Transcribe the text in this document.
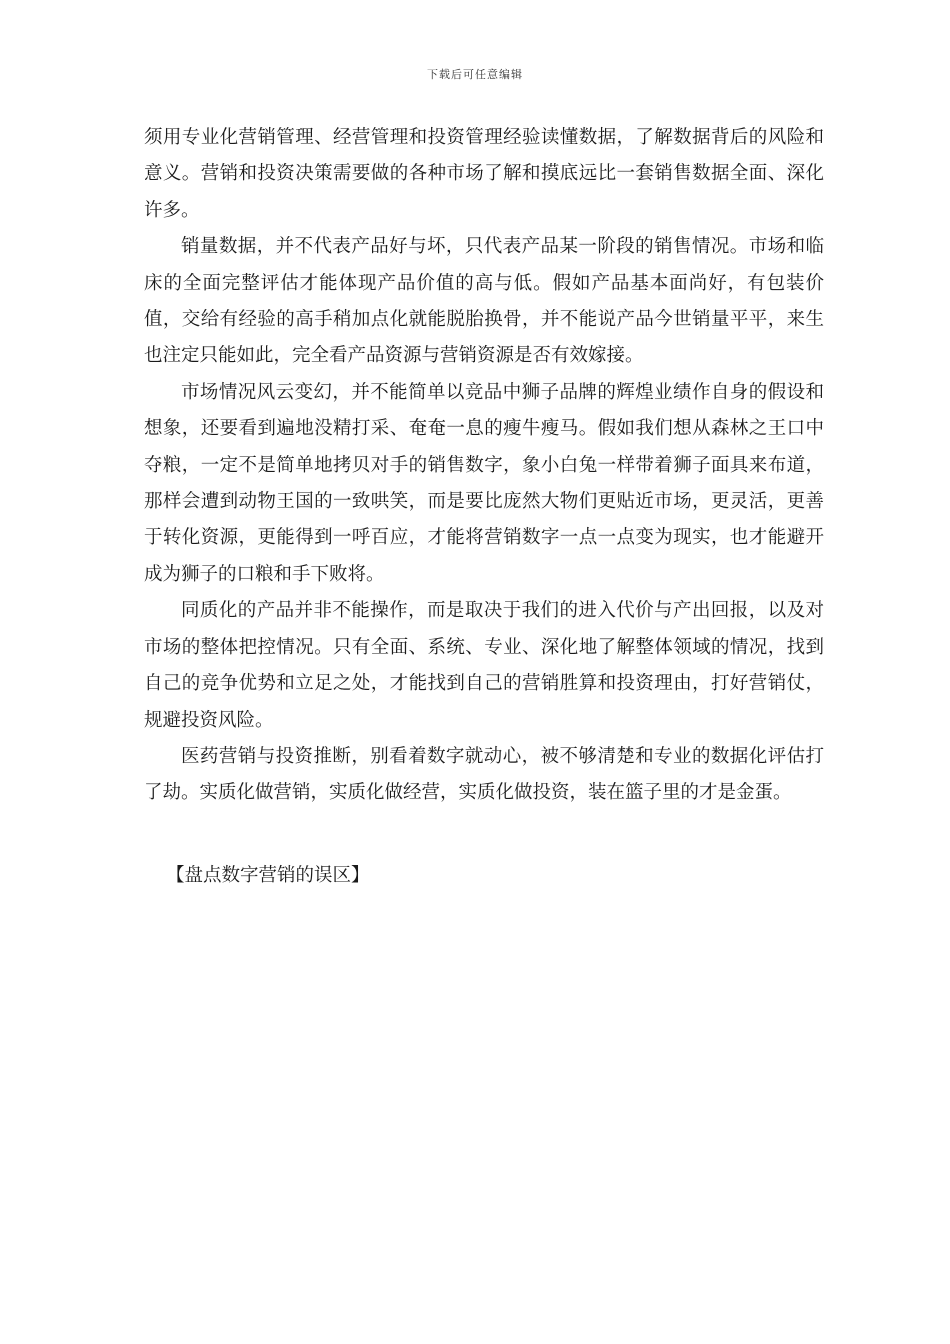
下载后可任意编辑

须用专业化营销管理、经营管理和投资管理经验读懂数据，了解数据背后的风险和意义。营销和投资决策需要做的各种市场了解和摸底远比一套销售数据全面、深化许多。

销量数据，并不代表产品好与坏，只代表产品某一阶段的销售情况。市场和临床的全面完整评估才能体现产品价值的高与低。假如产品基本面尚好，有包装价值，交给有经验的高手稍加点化就能脱胎换骨，并不能说产品今世销量平平，来生也注定只能如此，完全看产品资源与营销资源是否有效嫁接。

市场情况风云变幻，并不能简单以竞品中狮子品牌的辉煌业绩作自身的假设和想象，还要看到遍地没精打采、奄奄一息的瘦牛瘦马。假如我们想从森林之王口中夺粮，一定不是简单地拷贝对手的销售数字，象小白兔一样带着狮子面具来布道，那样会遭到动物王国的一致哄笑，而是要比庞然大物们更贴近市场，更灵活，更善于转化资源，更能得到一呼百应，才能将营销数字一点一点变为现实，也才能避开成为狮子的口粮和手下败将。

同质化的产品并非不能操作，而是取决于我们的进入代价与产出回报，以及对市场的整体把控情况。只有全面、系统、专业、深化地了解整体领域的情况，找到自己的竞争优势和立足之处，才能找到自己的营销胜算和投资理由，打好营销仗，规避投资风险。

医药营销与投资推断，别看着数字就动心，被不够清楚和专业的数据化评估打了劫。实质化做营销，实质化做经营，实质化做投资，装在篮子里的才是金蛋。

【盘点数字营销的误区】
